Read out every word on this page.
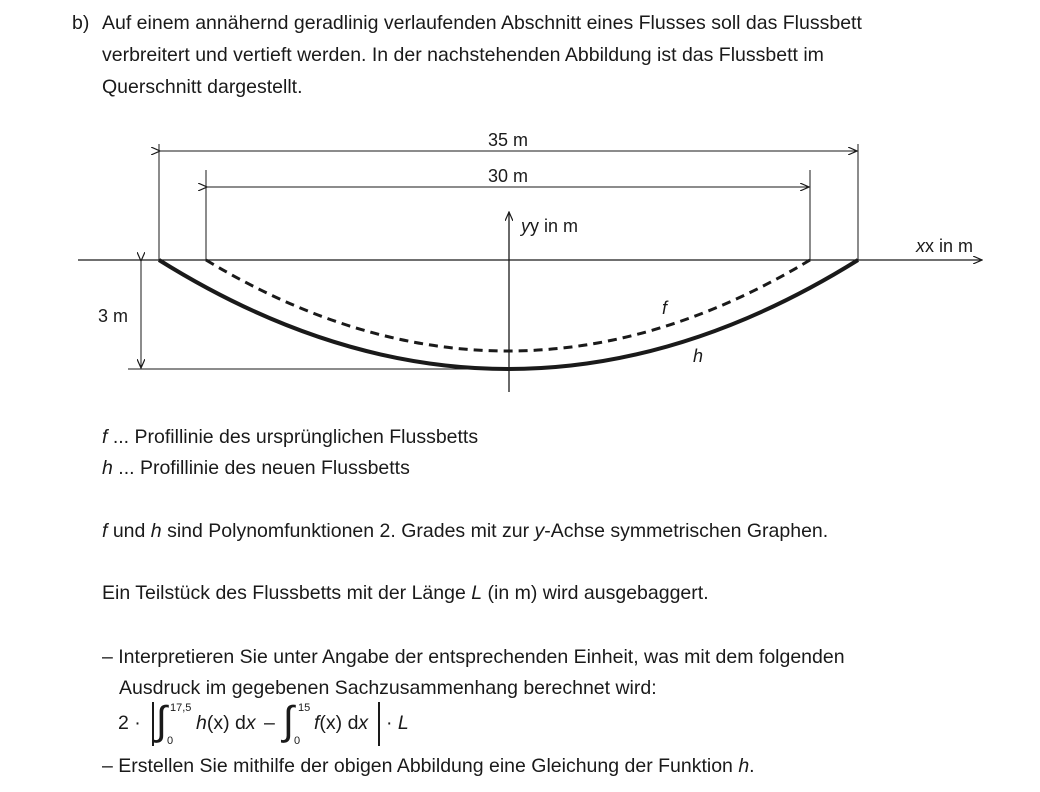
b) Auf einem annähernd geradlinig verlaufenden Abschnitt eines Flusses soll das Flussbett
verbreitert und vertieft werden. In der nachstehenden Abbildung ist das Flussbett im
Querschnitt dargestellt.
35 m
30 m
yy in m
xx in m
3 m	f
h
f ... Profillinie des ursprünglichen Flussbetts
h ... Profillinie des neuen Flussbetts
f und h sind Polynomfunktionen 2. Grades mit zur y-Achse symmetrischen Graphen.
Ein Teilstück des Flussbetts mit der Länge L (in m) wird ausgebaggert.
– Interpretieren Sie unter Angabe der entsprechenden Einheit, was mit dem folgenden
Ausdruck im gegebenen Sachzusammenhang berechnet wird:
2 · ∫ 17,5
0
h(x) dx – ∫ 15
0
f(x) dx · L
– Erstellen Sie mithilfe der obigen Abbildung eine Gleichung der Funktion h.
